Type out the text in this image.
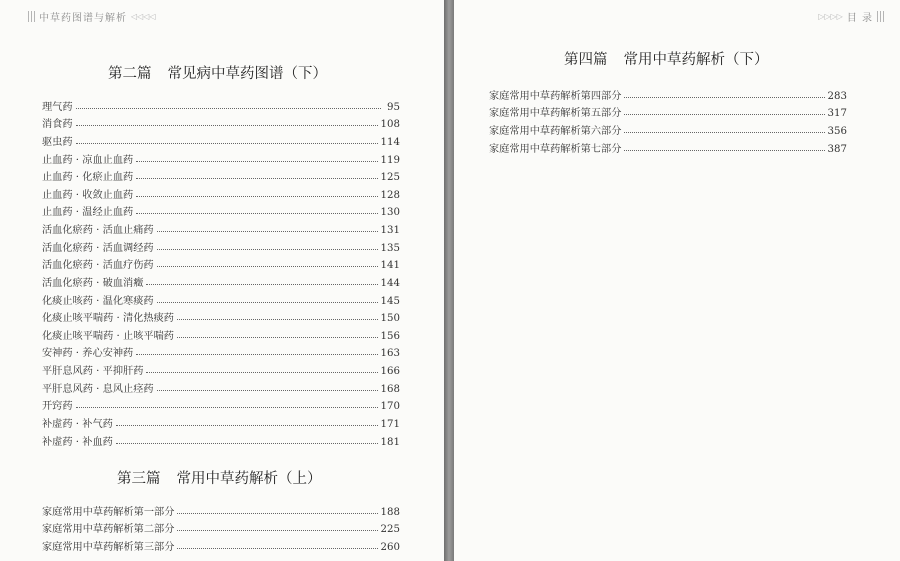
中草药图谱与解析 ◁◁◁◁
第二篇 常见病中草药图谱（下）
理气药	95
消食药	108
驱虫药	114
止血药 · 凉血止血药	119
止血药 · 化瘀止血药	125
止血药 · 收敛止血药	128
止血药 · 温经止血药	130
活血化瘀药 · 活血止痛药	131
活血化瘀药 · 活血调经药	135
活血化瘀药 · 活血疗伤药	141
活血化瘀药 · 破血消癥	144
化痰止咳药 · 温化寒痰药	145
化痰止咳平喘药 · 清化热痰药	150
化痰止咳平喘药 · 止咳平喘药	156
安神药 · 养心安神药	163
平肝息风药 · 平抑肝药	166
平肝息风药 · 息风止痉药	168
开窍药	170
补虚药 · 补气药	171
补虚药 · 补血药	181
第三篇 常用中草药解析（上）
家庭常用中草药解析第一部分	188
家庭常用中草药解析第二部分	225
家庭常用中草药解析第三部分	260
▷▷▷▷ 目 录
第四篇 常用中草药解析（下）
家庭常用中草药解析第四部分	283
家庭常用中草药解析第五部分	317
家庭常用中草药解析第六部分	356
家庭常用中草药解析第七部分	387
